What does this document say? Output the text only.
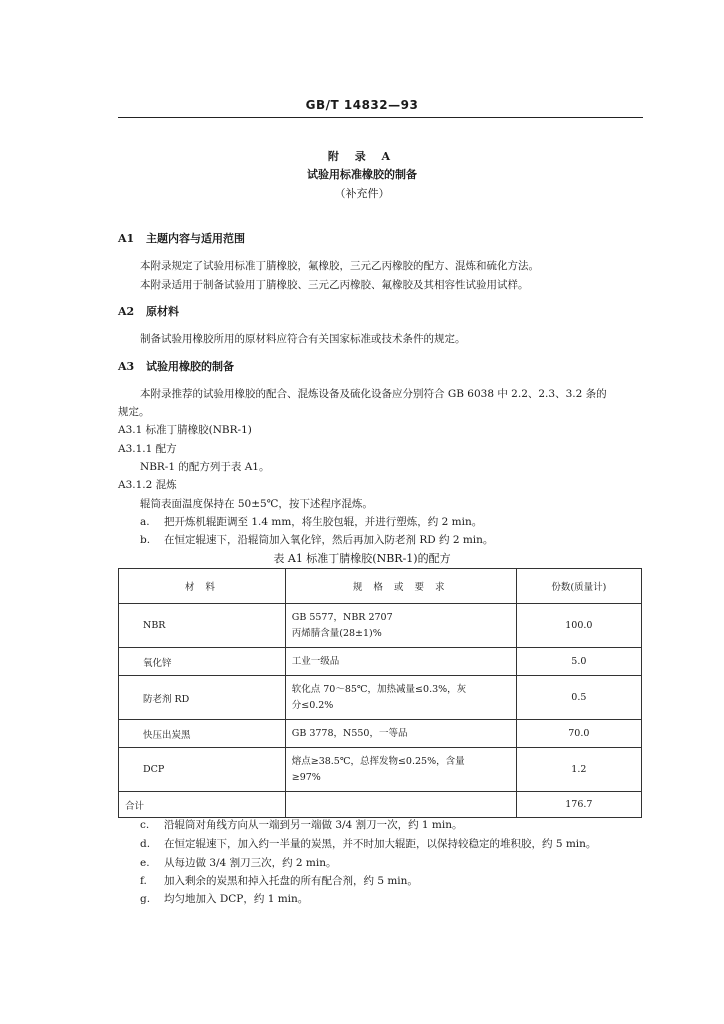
GB/T 14832—93
附 录 A
试验用标准橡胶的制备
（补充件）
A1 主题内容与适用范围
本附录规定了试验用标准丁腈橡胶，氟橡胶，三元乙丙橡胶的配方、混炼和硫化方法。
本附录适用于制备试验用丁腈橡胶、三元乙丙橡胶、氟橡胶及其相容性试验用试样。
A2 原材料
制备试验用橡胶所用的原材料应符合有关国家标准或技术条件的规定。
A3 试验用橡胶的制备
本附录推荐的试验用橡胶的配合、混炼设备及硫化设备应分别符合 GB 6038 中 2.2、2.3、3.2 条的
规定。
A3.1 标准丁腈橡胶(NBR-1)
A3.1.1 配方
NBR-1 的配方列于表 A1。
A3.1.2 混炼
辊筒表面温度保持在 50±5℃，按下述程序混炼。
a. 把开炼机辊距调至 1.4 mm，将生胶包辊，并进行塑炼，约 2 min。
b. 在恒定辊速下，沿辊筒加入氧化锌，然后再加入防老剂 RD 约 2 min。
表 A1 标准丁腈橡胶(NBR-1)的配方
材 料	规 格 或 要 求	份数(质量计)
NBR	GB 5577，NBR 2707
丙烯腈含量(28±1)%	100.0
氧化锌	工业一级品	5.0
防老剂 RD	软化点 70～85℃，加热减量≤0.3%，灰
分≤0.2%	0.5
快压出炭黑	GB 3778，N550，一等品	70.0
DCP	熔点≥38.5℃，总挥发物≤0.25%，含量
≥97%	1.2
合计		176.7
c. 沿辊筒对角线方向从一端到另一端做 3/4 割刀一次，约 1 min。
d. 在恒定辊速下，加入约一半量的炭黑，并不时加大辊距，以保持较稳定的堆积胶，约 5 min。
e. 从每边做 3/4 割刀三次，约 2 min。
f. 加入剩余的炭黑和掉入托盘的所有配合剂，约 5 min。
g. 均匀地加入 DCP，约 1 min。
